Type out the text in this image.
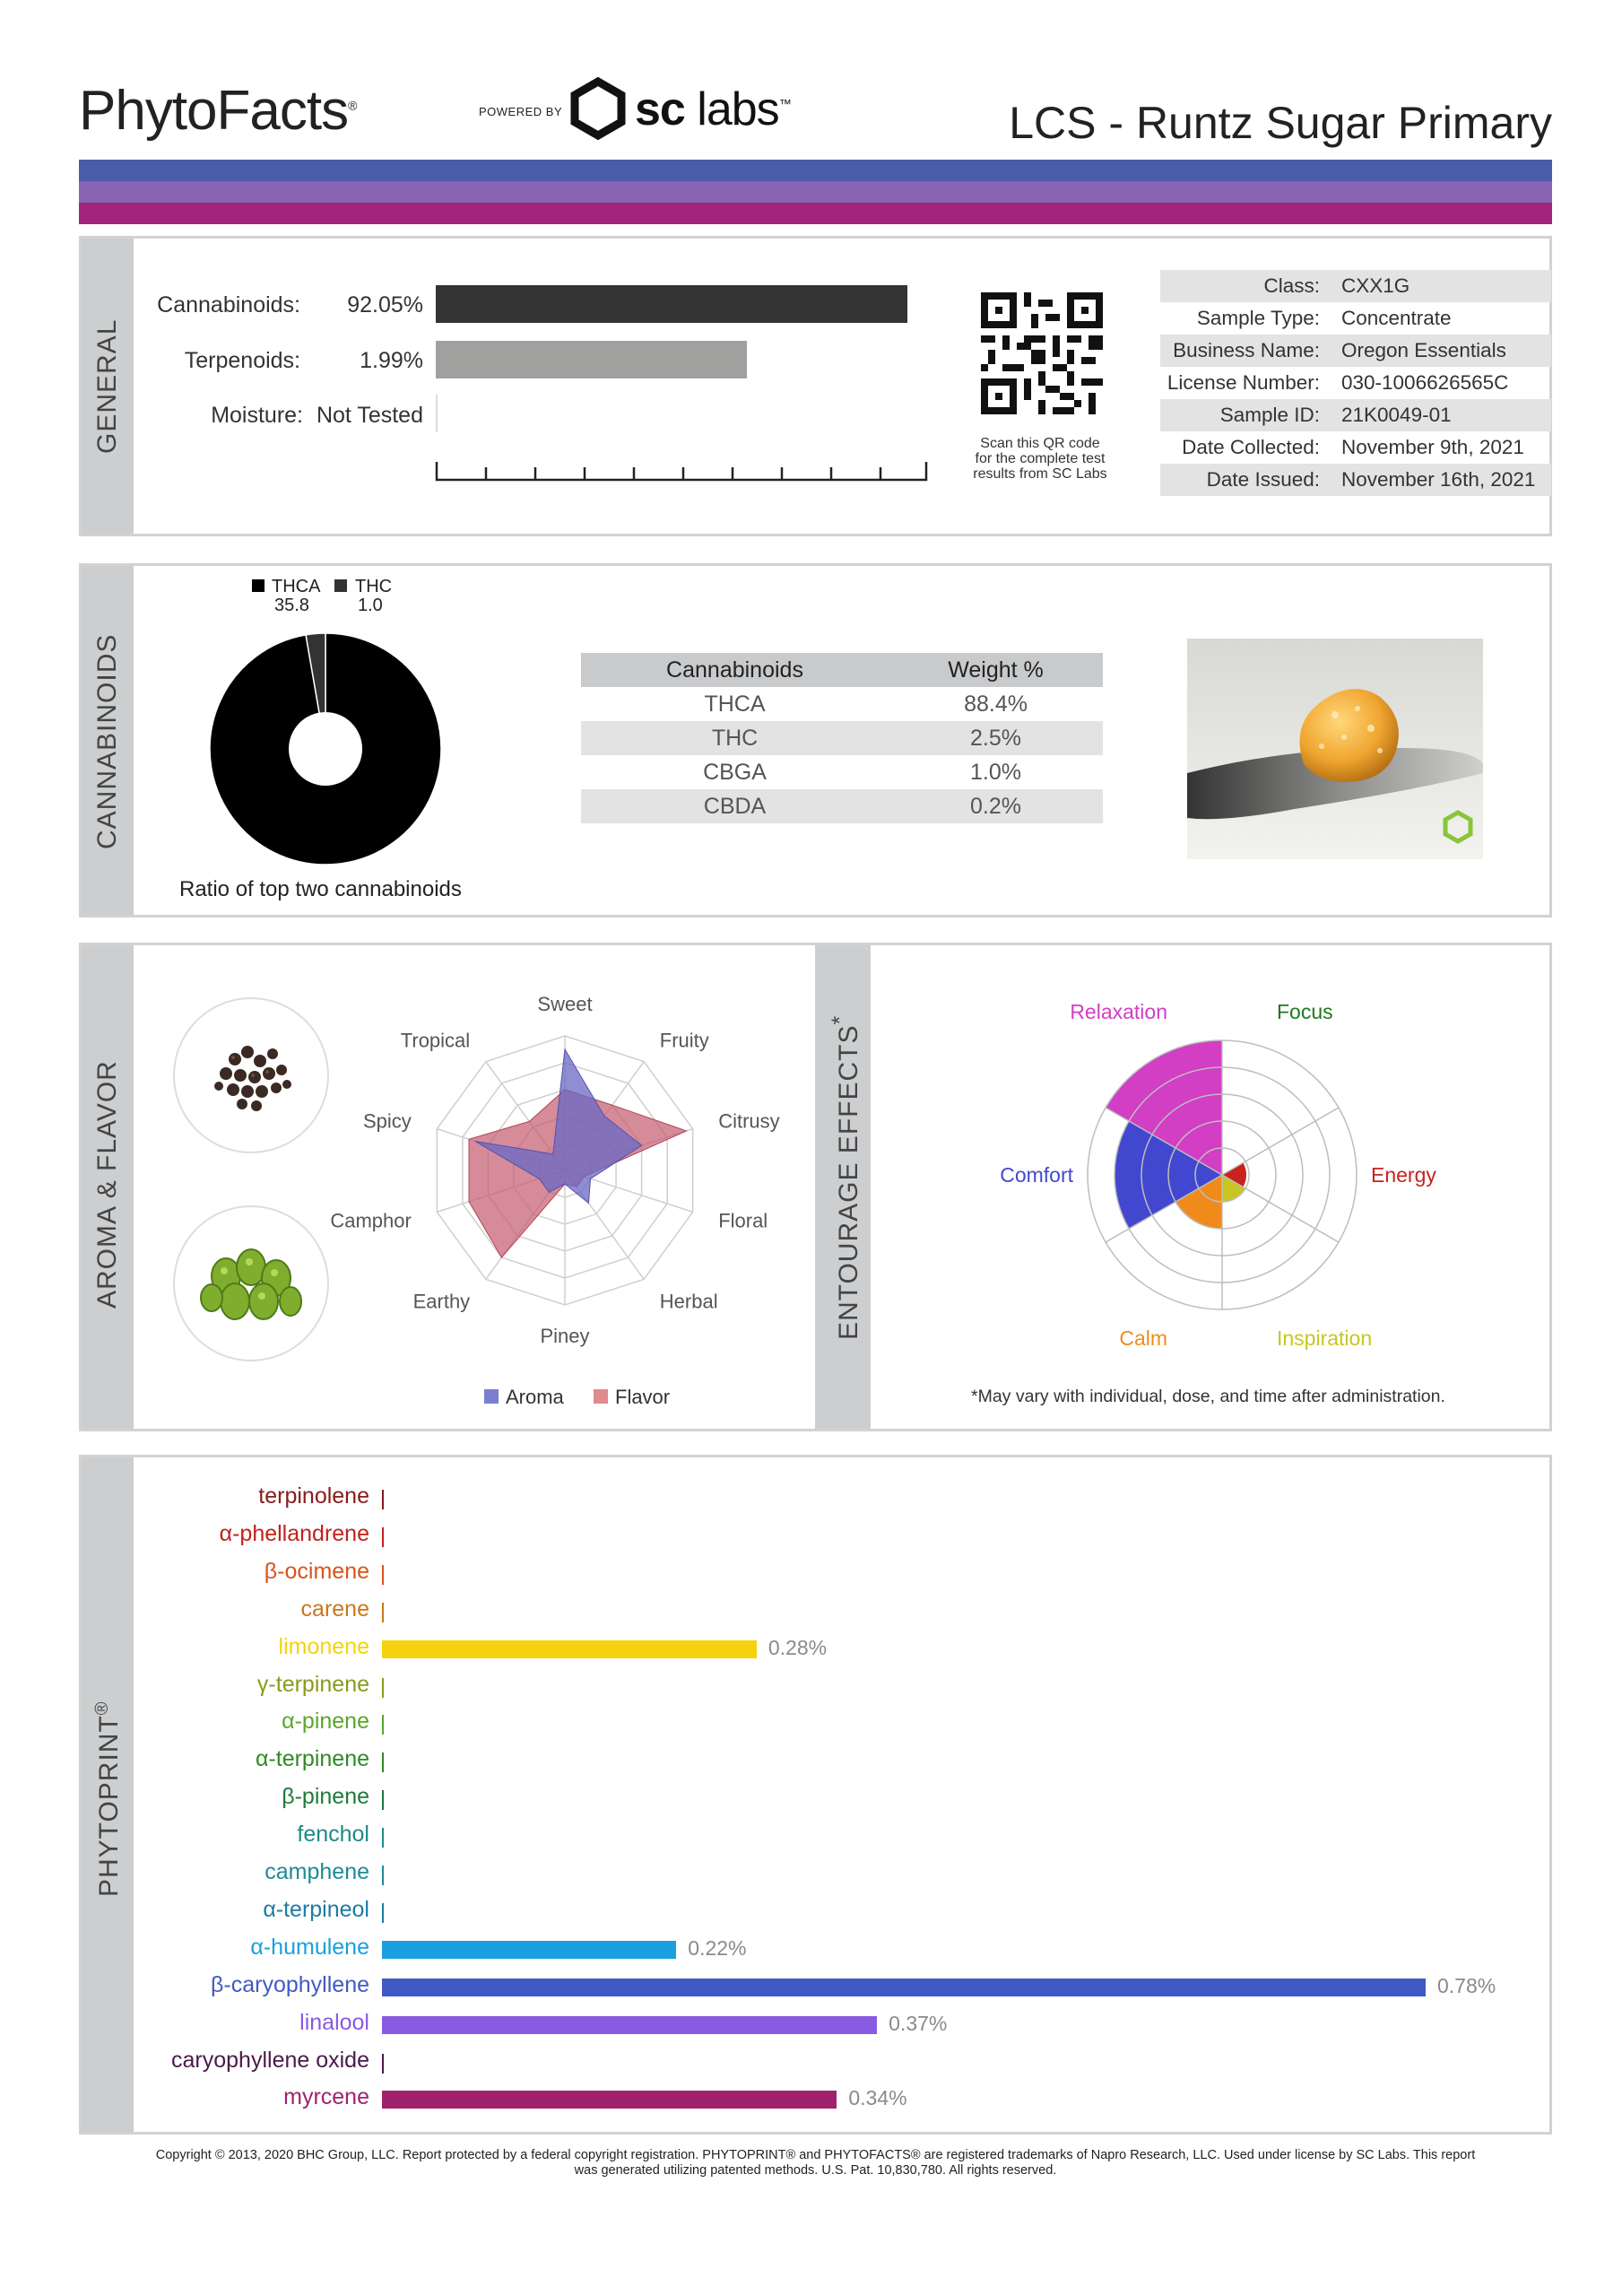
PhytoFacts®	POWERED BY sc labs™	LCS - Runtz Sugar Primary
GENERAL
Cannabinoids:	92.05%
Terpenoids:	1.99%
Moisture: Not Tested
Scan this QR code
for the complete test
results from SC Labs
Class: CXX1G
Sample Type: Concentrate
Business Name: Oregon Essentials
License Number: 030-1006626565C
Sample ID: 21K0049-01
Date Collected: November 9th, 2021
Date Issued: November 16th, 2021
CANNABINOIDS
THCA
35.8
THC
1.0
Ratio of top two cannabinoids
Cannabinoids	Weight %
THCA	88.4%
THC	2.5%
CBGA	1.0%
CBDA	0.2%
AROMA & FLAVOR	ENTOURAGE EFFECTS*
Sweet
Fruity
Citrusy
Floral
Herbal
Piney
Earthy
Camphor
Spicy
Tropical
Aroma	Flavor
Focus
Energy
Inspiration
Calm
Comfort
Relaxation
*May vary with individual, dose, and time after administration.
PHYTOPRINT®
terpinolene
α-phellandrene
β-ocimene
carene
limonene	0.28%
γ-terpinene
α-pinene
α-terpinene
β-pinene
fenchol
camphene
α-terpineol
α-humulene	0.22%
β-caryophyllene	0.78%
linalool	0.37%
caryophyllene oxide
myrcene	0.34%
Copyright © 2013, 2020 BHC Group, LLC. Report protected by a federal copyright registration. PHYTOPRINT® and PHYTOFACTS® are registered trademarks of Napro Research, LLC. Used under license by SC Labs. This report
was generated utilizing patented methods. U.S. Pat. 10,830,780. All rights reserved.
